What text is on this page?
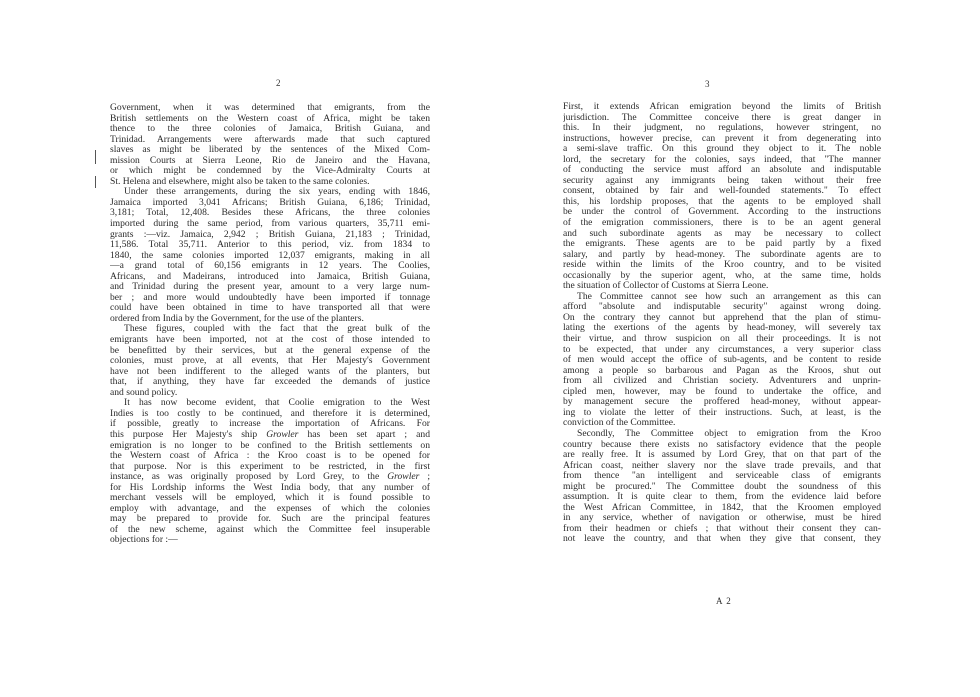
2
Government, when it was determined that emigrants, from the
British settlements on the Western coast of Africa, might be taken
thence to the three colonies of Jamaica, British Guiana, and
Trinidad. Arrangements were afterwards made that such captured
slaves as might be liberated by the sentences of the Mixed Com-
mission Courts at Sierra Leone, Rio de Janeiro and the Havana,
or which might be condemned by the Vice-Admiralty Courts at
St. Helena and elsewhere, might also be taken to the same colonies.
Under these arrangements, during the six years, ending with 1846,
Jamaica imported 3,041 Africans; British Guiana, 6,186; Trinidad,
3,181; Total, 12,408. Besides these Africans, the three colonies
imported during the same period, from various quarters, 35,711 emi-
grants :—viz. Jamaica, 2,942 ; British Guiana, 21,183 ; Trinidad,
11,586. Total 35,711. Anterior to this period, viz. from 1834 to
1840, the same colonies imported 12,037 emigrants, making in all
—a grand total of 60,156 emigrants in 12 years. The Coolies,
Africans, and Madeirans, introduced into Jamaica, British Guiana,
and Trinidad during the present year, amount to a very large num-
ber ; and more would undoubtedly have been imported if tonnage
could have been obtained in time to have transported all that were
ordered from India by the Government, for the use of the planters.
These figures, coupled with the fact that the great bulk of the
emigrants have been imported, not at the cost of those intended to
be benefitted by their services, but at the general expense of the
colonies, must prove, at all events, that Her Majesty's Government
have not been indifferent to the alleged wants of the planters, but
that, if anything, they have far exceeded the demands of justice
and sound policy.
It has now become evident, that Coolie emigration to the West
Indies is too costly to be continued, and therefore it is determined,
if possible, greatly to increase the importation of Africans. For
this purpose Her Majesty's ship Growler has been set apart ; and
emigration is no longer to be confined to the British settlements on
the Western coast of Africa : the Kroo coast is to be opened for
that purpose. Nor is this experiment to be restricted, in the first
instance, as was originally proposed by Lord Grey, to the Growler ;
for His Lordship informs the West India body, that any number of
merchant vessels will be employed, which it is found possible to
employ with advantage, and the expenses of which the colonies
may be prepared to provide for. Such are the principal features
of the new scheme, against which the Committee feel insuperable
objections for :—
3
First, it extends African emigration beyond the limits of British
jurisdiction. The Committee conceive there is great danger in
this. In their judgment, no regulations, however stringent, no
instructions, however precise, can prevent it from degenerating into
a semi-slave traffic. On this ground they object to it. The noble
lord, the secretary for the colonies, says indeed, that "The manner
of conducting the service must afford an absolute and indisputable
security against any immigrants being taken without their free
consent, obtained by fair and well-founded statements." To effect
this, his lordship proposes, that the agents to be employed shall
be under the control of Government. According to the instructions
of the emigration commissioners, there is to be an agent general
and such subordinate agents as may be necessary to collect
the emigrants. These agents are to be paid partly by a fixed
salary, and partly by head-money. The subordinate agents are to
reside within the limits of the Kroo country, and to be visited
occasionally by the superior agent, who, at the same time, holds
the situation of Collector of Customs at Sierra Leone.
The Committee cannot see how such an arrangement as this can
afford "absolute and indisputable security" against wrong doing.
On the contrary they cannot but apprehend that the plan of stimu-
lating the exertions of the agents by head-money, will severely tax
their virtue, and throw suspicion on all their proceedings. It is not
to be expected, that under any circumstances, a very superior class
of men would accept the office of sub-agents, and be content to reside
among a people so barbarous and Pagan as the Kroos, shut out
from all civilized and Christian society. Adventurers and unprin-
cipled men, however, may be found to undertake the office, and
by management secure the proffered head-money, without appear-
ing to violate the letter of their instructions. Such, at least, is the
conviction of the Committee.
Secondly, The Committee object to emigration from the Kroo
country because there exists no satisfactory evidence that the people
are really free. It is assumed by Lord Grey, that on that part of the
African coast, neither slavery nor the slave trade prevails, and that
from thence "an intelligent and serviceable class of emigrants
might be procured." The Committee doubt the soundness of this
assumption. It is quite clear to them, from the evidence laid before
the West African Committee, in 1842, that the Kroomen employed
in any service, whether of navigation or otherwise, must be hired
from their headmen or chiefs ; that without their consent they can-
not leave the country, and that when they give that consent, they
A 2
